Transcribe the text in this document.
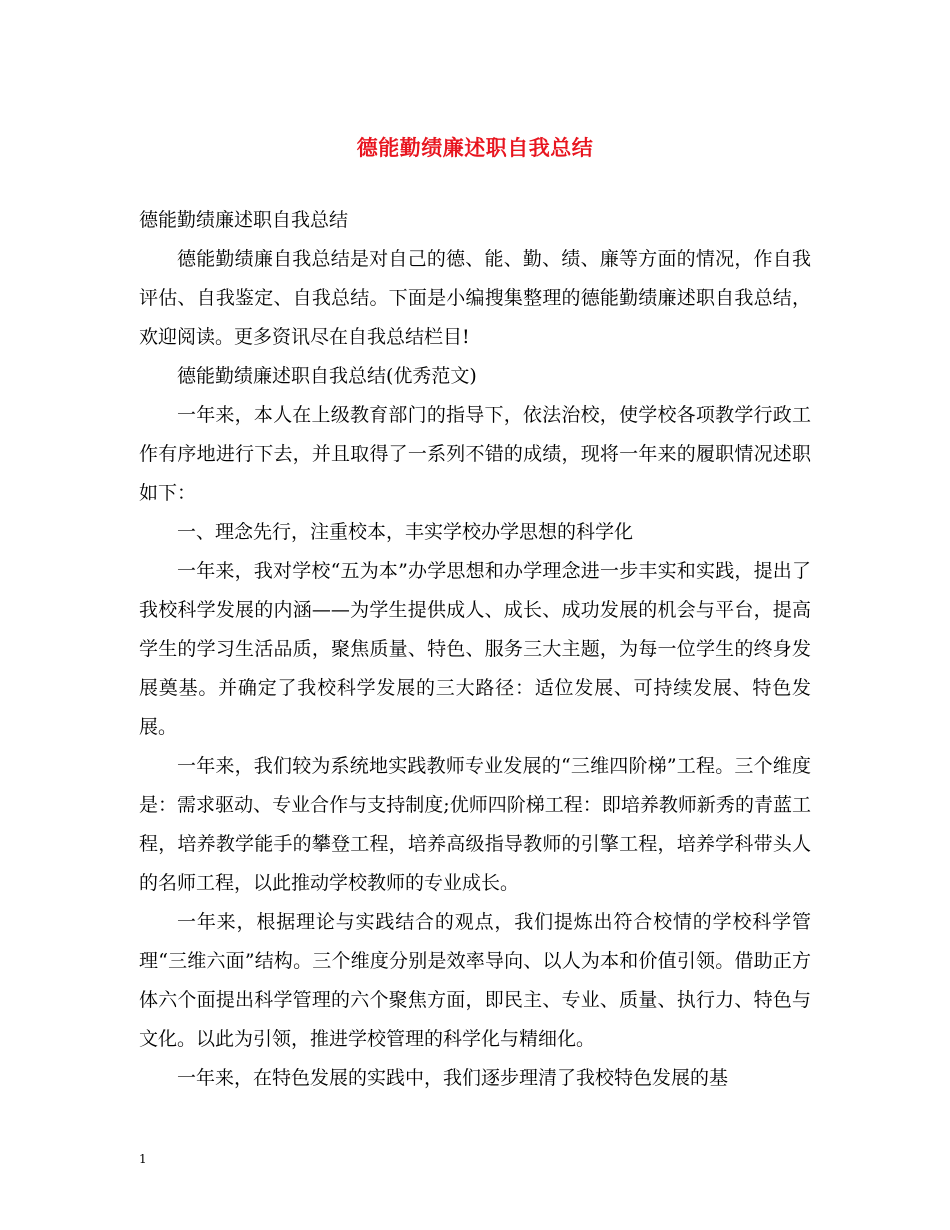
德能勤绩廉述职自我总结

德能勤绩廉述职自我总结

德能勤绩廉自我总结是对自己的德、能、勤、绩、廉等方面的情况，作自我评估、自我鉴定、自我总结。下面是小编搜集整理的德能勤绩廉述职自我总结，欢迎阅读。更多资讯尽在自我总结栏目!

德能勤绩廉述职自我总结(优秀范文)

一年来，本人在上级教育部门的指导下，依法治校，使学校各项教学行政工作有序地进行下去，并且取得了一系列不错的成绩，现将一年来的履职情况述职如下：

一、理念先行，注重校本，丰实学校办学思想的科学化

一年来，我对学校“五为本”办学思想和办学理念进一步丰实和实践，提出了我校科学发展的内涵——为学生提供成人、成长、成功发展的机会与平台，提高学生的学习生活品质，聚焦质量、特色、服务三大主题，为每一位学生的终身发展奠基。并确定了我校科学发展的三大路径：适位发展、可持续发展、特色发展。

一年来，我们较为系统地实践教师专业发展的“三维四阶梯”工程。三个维度是：需求驱动、专业合作与支持制度;优师四阶梯工程：即培养教师新秀的青蓝工程，培养教学能手的攀登工程，培养高级指导教师的引擎工程，培养学科带头人的名师工程，以此推动学校教师的专业成长。

一年来，根据理论与实践结合的观点，我们提炼出符合校情的学校科学管理“三维六面”结构。三个维度分别是效率导向、以人为本和价值引领。借助正方体六个面提出科学管理的六个聚焦方面，即民主、专业、质量、执行力、特色与文化。以此为引领，推进学校管理的科学化与精细化。

一年来，在特色发展的实践中，我们逐步理清了我校特色发展的基

1
